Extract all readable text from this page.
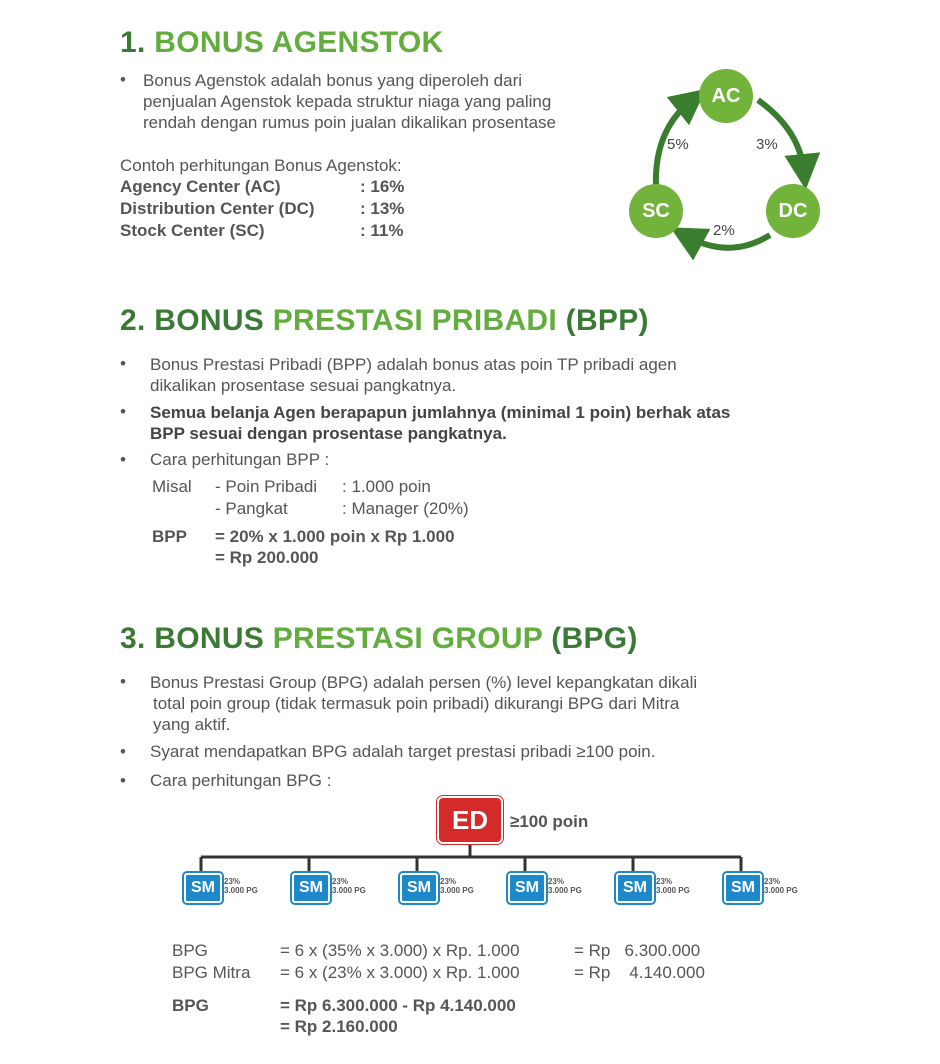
1. BONUS AGENSTOK
• Bonus Agenstok adalah bonus yang diperoleh dari
penjualan Agenstok kepada struktur niaga yang paling
rendah dengan rumus poin jualan dikalikan prosentase
Contoh perhitungan Bonus Agenstok:
Agency Center (AC)	: 16%
Distribution Center (DC)	: 13%
Stock Center (SC)	: 11%
AC
DC
SC
3%
2%
5%
2. BONUS PRESTASI PRIBADI (BPP)
• Bonus Prestasi Pribadi (BPP) adalah bonus atas poin TP pribadi agen
dikalikan prosentase sesuai pangkatnya.
• Semua belanja Agen berapapun jumlahnya (minimal 1 poin) berhak atas
BPP sesuai dengan prosentase pangkatnya.
• Cara perhitungan BPP :
Misal - Poin Pribadi : 1.000 poin
- Pangkat	: Manager (20%)
BPP = 20% x 1.000 poin x Rp 1.000
= Rp 200.000
3. BONUS PRESTASI GROUP (BPG)
• Bonus Prestasi Group (BPG) adalah persen (%) level kepangkatan dikali
total poin group (tidak termasuk poin pribadi) dikurangi BPG dari Mitra
yang aktif.
• Syarat mendapatkan BPG adalah target prestasi pribadi ≥100 poin.
• Cara perhitungan BPG :
ED ≥100 poin
SM	23%
3.000 PG	SM	23%
3.000 PG	SM	23%
3.000 PG	SM	23%
3.000 PG	SM	23%
3.000 PG	SM	23%
3.000 PG
BPG	= 6 x (35% x 3.000) x Rp. 1.000	= Rp   6.300.000
BPG Mitra = 6 x (23% x 3.000) x Rp. 1.000	= Rp    4.140.000
BPG	= Rp 6.300.000 - Rp 4.140.000
= Rp 2.160.000
